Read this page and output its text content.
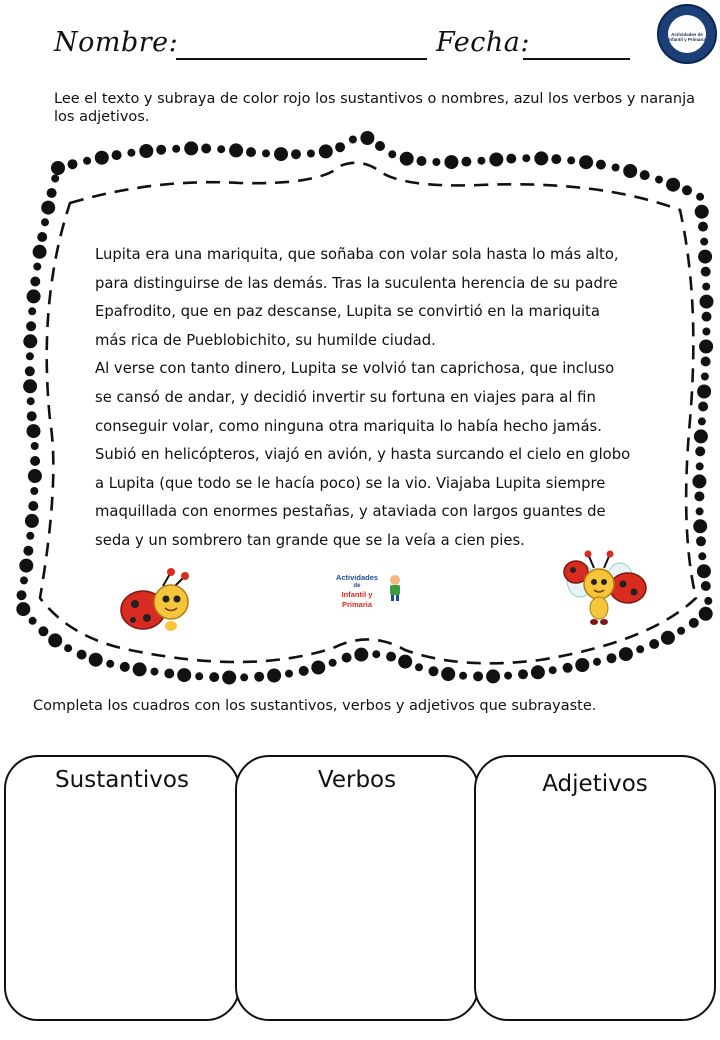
Nombre:	Fecha:	Actividades de Infantil y Primaria
Lee el texto y subraya de color rojo los sustantivos o nombres, azul los verbos y naranja los adjetivos.

Lupita era una mariquita, que soñaba con volar sola hasta lo más alto,

para distinguirse de las demás. Tras la suculenta herencia de su padre

Epafrodito, que en paz descanse, Lupita se convirtió en la mariquita

más rica de Pueblobichito, su humilde ciudad.

Al verse con tanto dinero, Lupita se volvió tan caprichosa, que incluso

se cansó de andar, y decidió invertir su fortuna en viajes para al fin

conseguir volar, como ninguna otra mariquita lo había hecho jamás.

Subió en helicópteros, viajó en avión, y hasta surcando el cielo en globo

a Lupita (que todo se le hacía poco) se la vio. Viajaba Lupita siempre

maquillada con enormes pestañas, y ataviada con largos guantes de

seda y un sombrero tan grande que se la veía a cien pies.

Actividades
de
Infantil y Primaria
Completa los cuadros con los sustantivos, verbos y adjetivos que subrayaste.
Sustantivos	Verbos	Adjetivos
